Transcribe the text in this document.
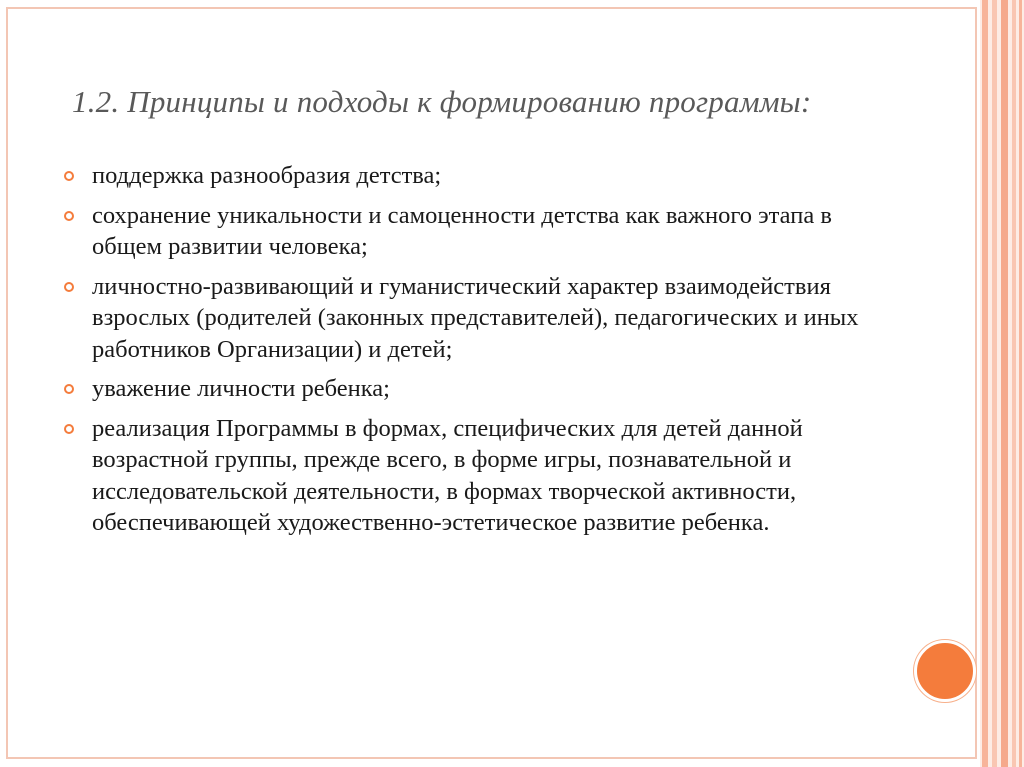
1.2. Принципы и подходы к формированию программы:
поддержка разнообразия детства;
сохранение уникальности и самоценности детства как важного этапа в общем развитии человека;
личностно-развивающий и гуманистический характер взаимодействия взрослых (родителей (законных представителей), педагогических и иных работников Организации) и детей;
уважение личности ребенка;
реализация Программы в формах, специфических для детей данной возрастной группы, прежде всего, в форме игры, познавательной и исследовательской деятельности, в формах творческой активности, обеспечивающей художественно-эстетическое развитие ребенка.
